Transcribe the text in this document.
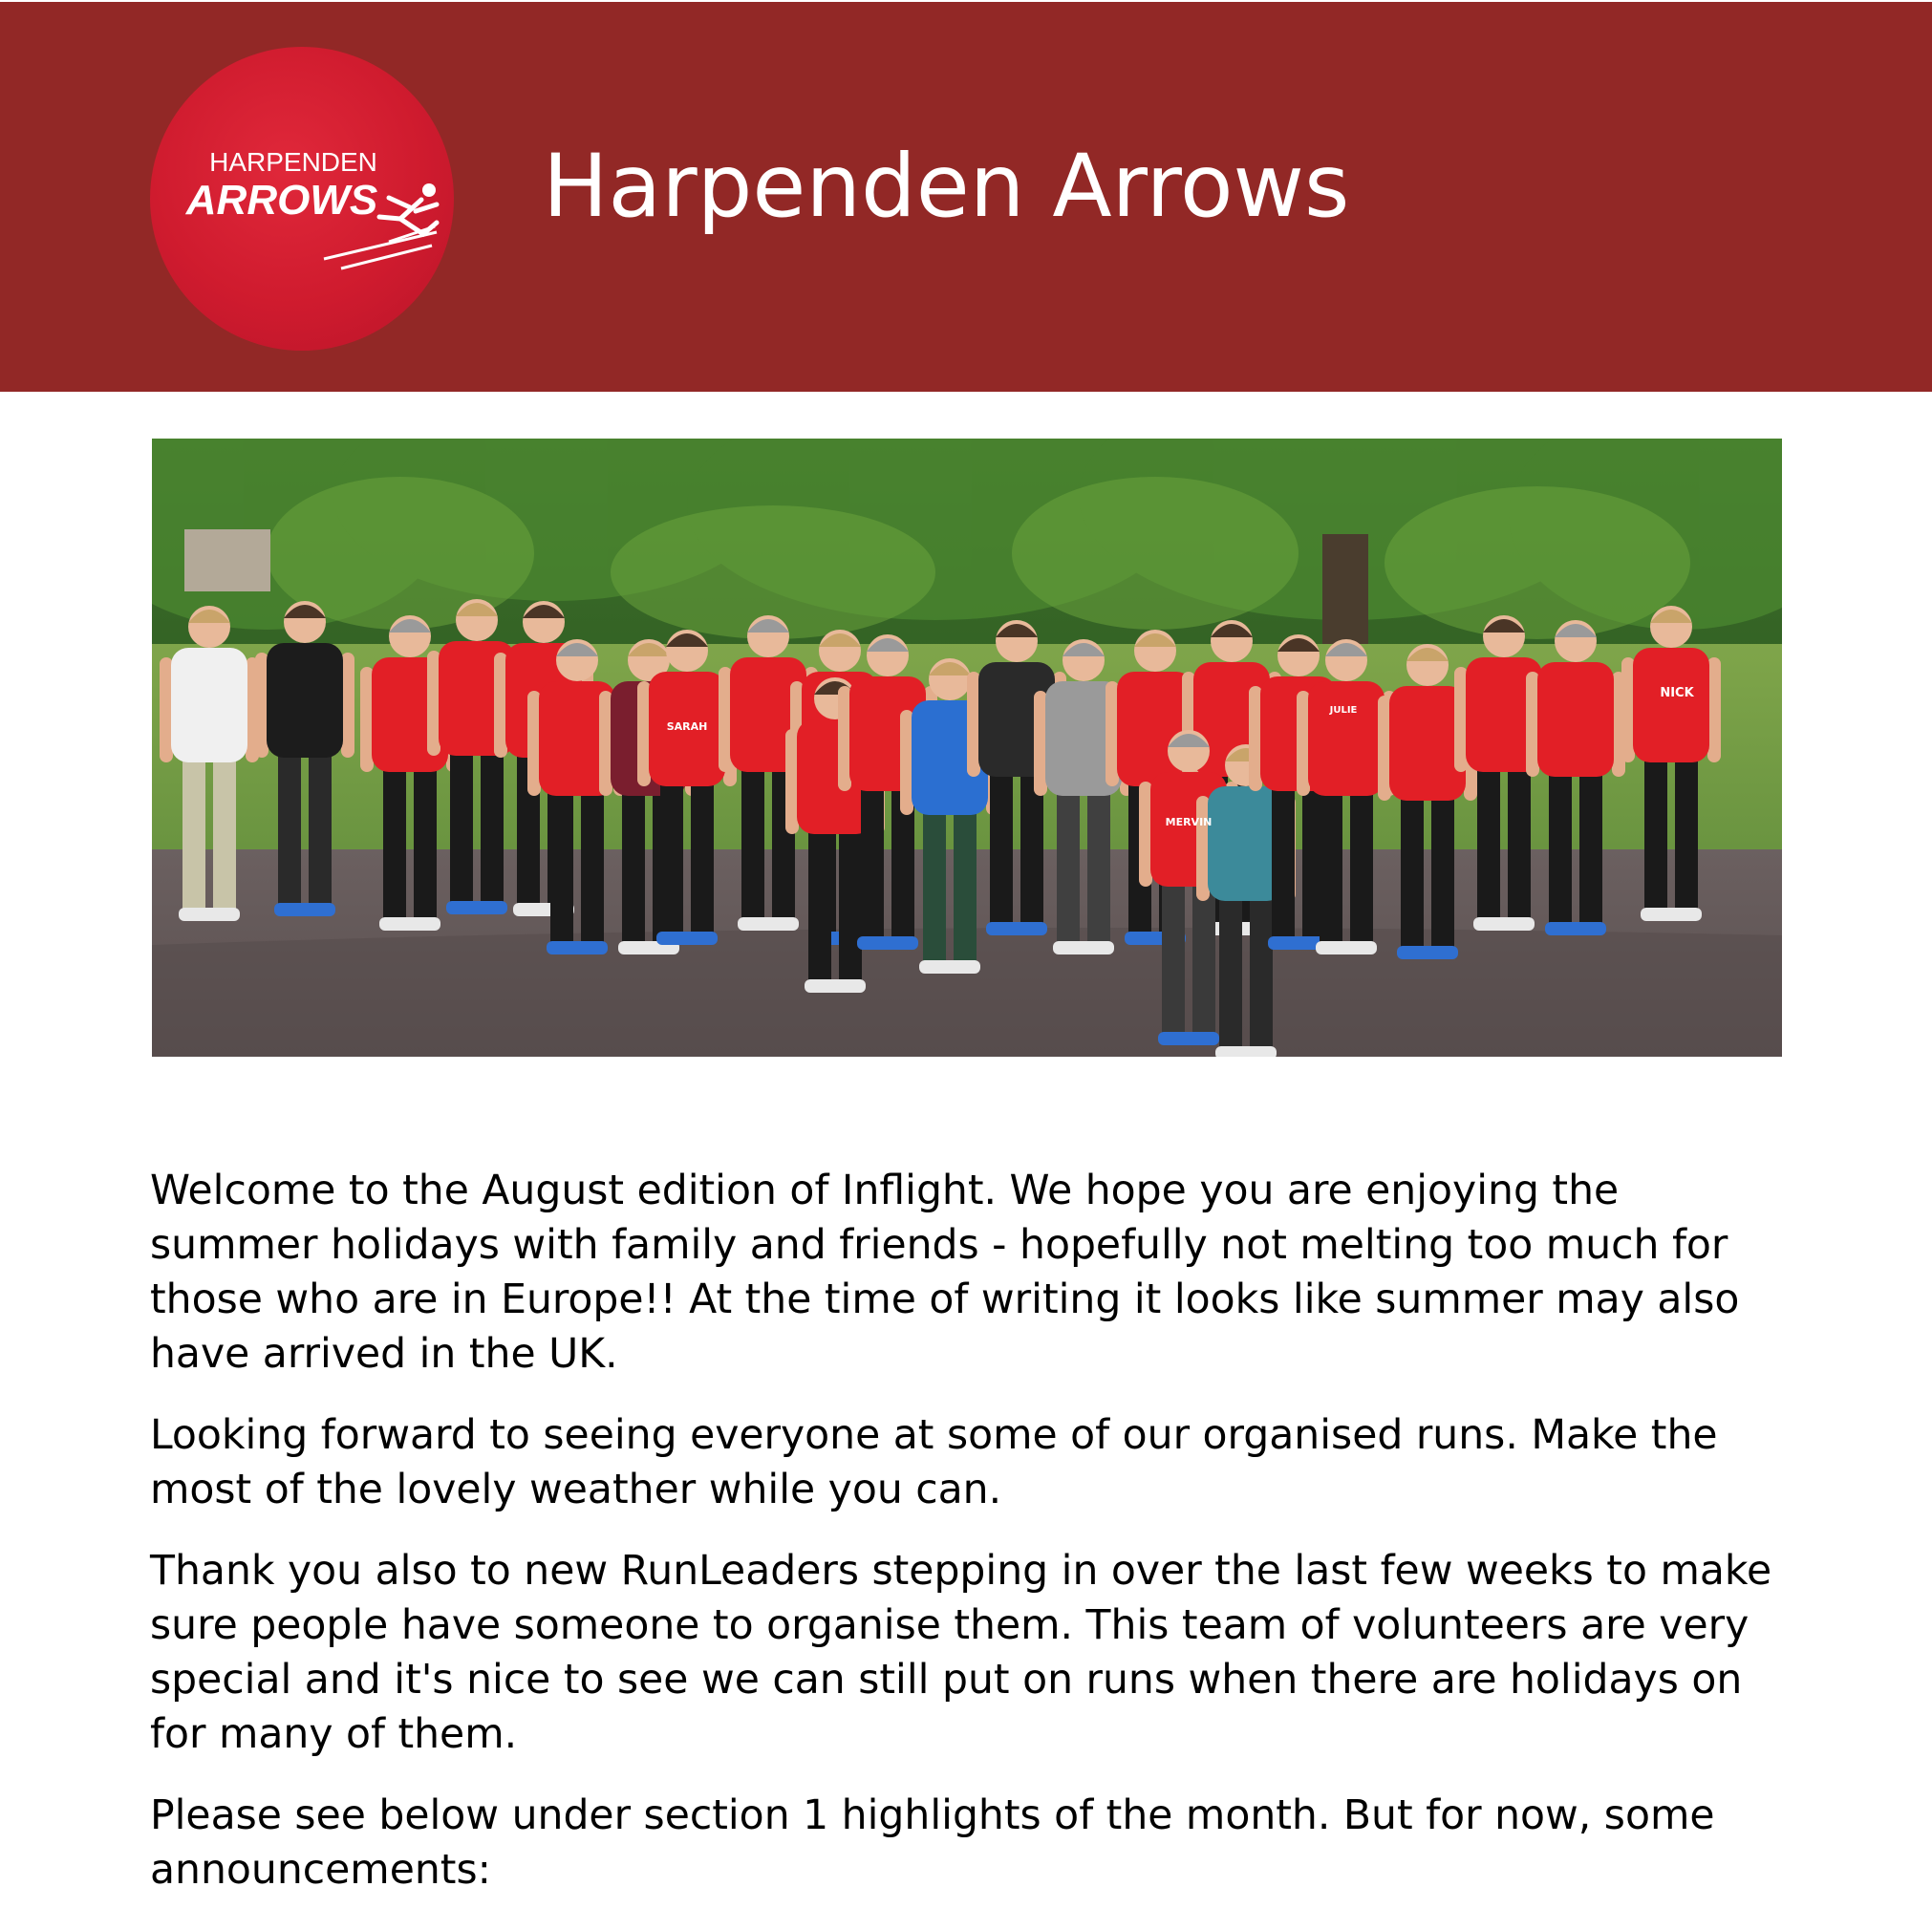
HARPENDEN
ARROWS Harpenden Arrows
NICK
SARAH
MERVIN
JULIE

Welcome to the August edition of Inflight. We hope you are enjoying the summer holidays with family and friends - hopefully not melting too much for those who are in Europe!! At the time of writing it looks like summer may also have arrived in the UK.

Looking forward to seeing everyone at some of our organised runs. Make the most of the lovely weather while you can.

Thank you also to new RunLeaders stepping in over the last few weeks to make sure people have someone to organise them. This team of volunteers are very special and it's nice to see we can still put on runs when there are holidays on for many of them.

Please see below under section 1 highlights of the month. But for now, some announcements:
